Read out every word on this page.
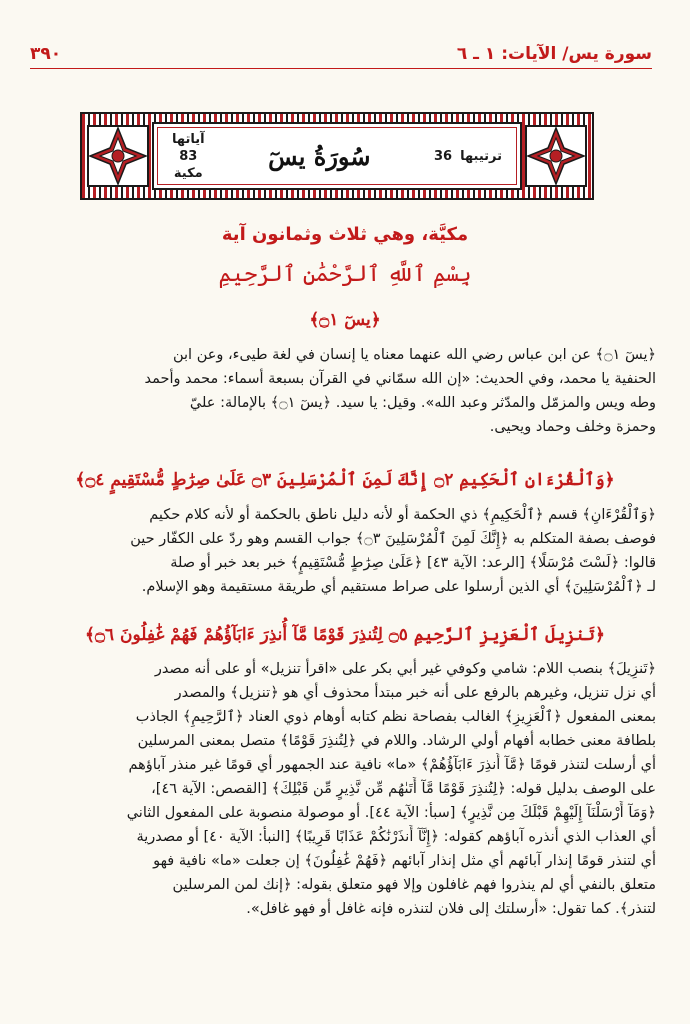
سورة يس/ الآيات: ١ ـ ٦
٣٩٠
ترتيبها
36
سُورَةُ يسٓ
آياتها
83
مكية
مكيَّة، وهي ثلاث وثمانون آية
بِسْمِ ٱللَّهِ ٱلرَّحْمَٰنِ ٱلرَّحِيمِ
﴿يسٓ ۝١﴾
﴿يسٓ ۝١﴾ عن ابن عباس رضي الله عنهما معناه يا إنسان في لغة طيىء، وعن ابن
الحنفية يا محمد، وفي الحديث: «إن الله سمّاني في القرآن بسبعة أسماء: محمد وأحمد
وطه ويس والمزمّل والمدّثر وعبد الله». وقيل: يا سيد. ﴿يسٓ ۝١﴾ بالإمالة: عليّ
وحمزة وخلف وحماد ويحيى.
﴿وَٱلْقُرْءَانِ ٱلْحَكِيمِ ۝٢ إِنَّكَ لَمِنَ ٱلْمُرْسَلِينَ ۝٣ عَلَىٰ صِرَٰطٍ مُّسْتَقِيمٍ ۝٤﴾
﴿وَٱلْقُرْءَانِ﴾ قسم ﴿ٱلْحَكِيمِ﴾ ذي الحكمة أو لأنه دليل ناطق بالحكمة أو لأنه كلام حكيم
فوصف بصفة المتكلم به ﴿إِنَّكَ لَمِنَ ٱلْمُرْسَلِينَ ۝٣﴾ جواب القسم وهو ردّ على الكفّار حين
قالوا: ﴿لَسْتَ مُرْسَلًا﴾ [الرعد: الآية ٤٣] ﴿عَلَىٰ صِرَٰطٍ مُّسْتَقِيمٍ﴾ خبر بعد خبر أو صلة
لـ ﴿ٱلْمُرْسَلِينَ﴾ أي الذين أرسلوا على صراط مستقيم أي طريقة مستقيمة وهو الإسلام.
﴿تَنزِيلَ ٱلْعَزِيزِ ٱلرَّحِيمِ ۝٥ لِتُنذِرَ قَوْمًا مَّآ أُنذِرَ ءَابَآؤُهُمْ فَهُمْ غَٰفِلُونَ ۝٦﴾
﴿تَنزِيلَ﴾ بنصب اللام: شامي وكوفي غير أبي بكر على «اقرأ تنزيل» أو على أنه مصدر
أي نزل تنزيل، وغيرهم بالرفع على أنه خبر مبتدأ محذوف أي هو ﴿تنزيل﴾ والمصدر
بمعنى المفعول ﴿ٱلْعَزِيزِ﴾ الغالب بفصاحة نظم كتابه أوهام ذوي العناد ﴿ٱلرَّحِيمِ﴾ الجاذب
بلطافة معنى خطابه أفهام أولي الرشاد. واللام في ﴿لِتُنذِرَ قَوْمًا﴾ متصل بمعنى المرسلين
أي أرسلت لتنذر قومًا ﴿مَّآ أُنذِرَ ءَابَآؤُهُمْ﴾ «ما» نافية عند الجمهور أي قومًا غير منذر آباؤهم
على الوصف بدليل قوله: ﴿لِتُنذِرَ قَوْمًا مَّآ أَتَىٰهُم مِّن نَّذِيرٍ مِّن قَبْلِكَ﴾ [القصص: الآية ٤٦]،
﴿وَمَآ أَرْسَلْنَآ إِلَيْهِمْ قَبْلَكَ مِن نَّذِيرٍ﴾ [سبأ: الآية ٤٤]. أو موصولة منصوبة على المفعول الثاني
أي العذاب الذي أنذره آباؤهم كقوله: ﴿إِنَّآ أَنذَرْنَٰكُمْ عَذَابًا قَرِيبًا﴾ [النبأ: الآية ٤٠] أو مصدرية
أي لتنذر قومًا إنذار آبائهم أي مثل إنذار آبائهم ﴿فَهُمْ غَٰفِلُونَ﴾ إن جعلت «ما» نافية فهو
متعلق بالنفي أي لم ينذروا فهم غافلون وإلا فهو متعلق بقوله: ﴿إنك لمن المرسلين
لتنذر﴾. كما تقول: «أرسلتك إلى فلان لتنذره فإنه غافل أو فهو غافل».
